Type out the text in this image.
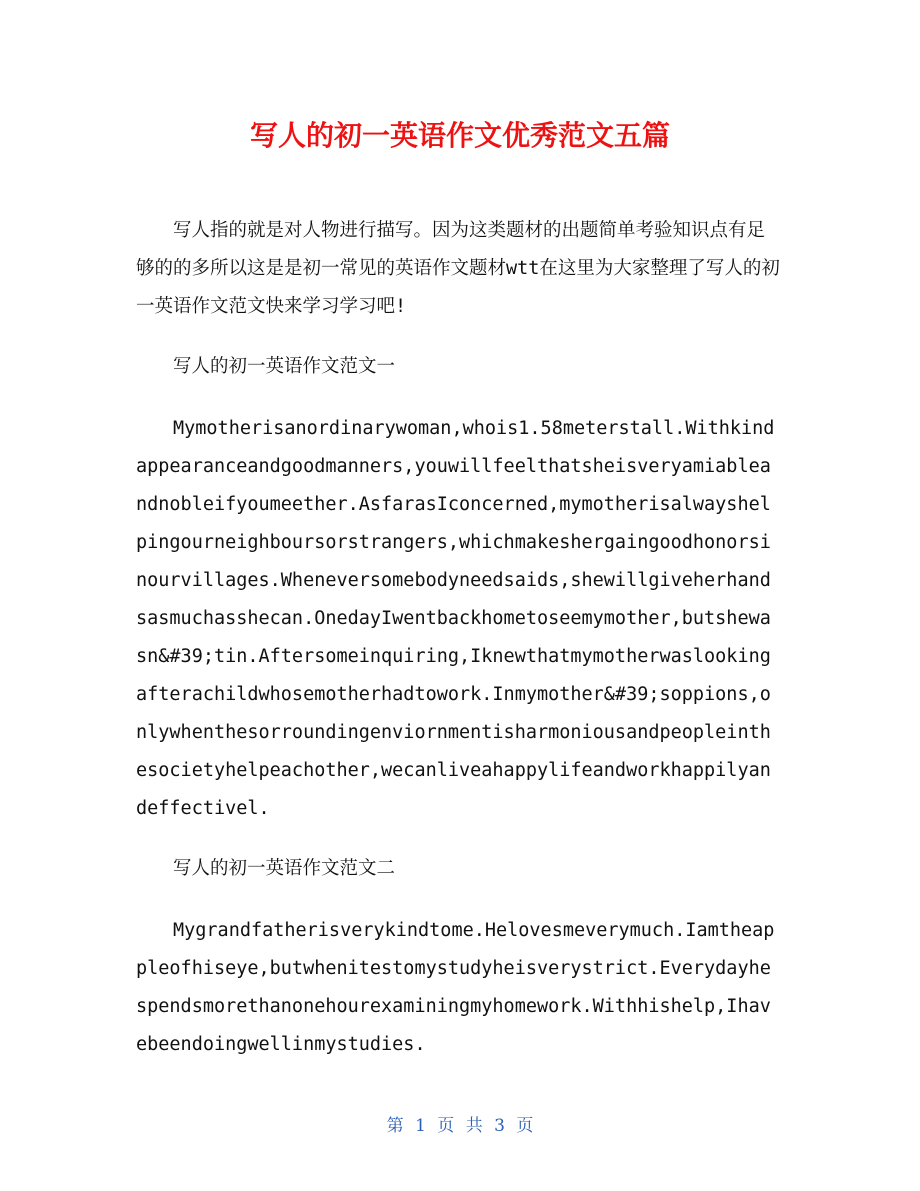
写人的初一英语作文优秀范文五篇

写人指的就是对人物进行描写。因为这类题材的出题简单考验知识点有足够的的多所以这是是初一常见的英语作文题材wtt在这里为大家整理了写人的初一英语作文范文快来学习学习吧!

写人的初一英语作文范文一

Mymotherisanordinarywoman,whois1.58meterstall.Withkindappearanceandgoodmanners,youwillfeelthatsheisveryamiableandnobleifyoumeether.AsfarasIconcerned,mymotherisalwayshelpingourneighboursorstrangers,whichmakeshergaingoodhonorsinourvillages.Wheneversomebodyneedsaids,shewillgiveherhandsasmuchasshecan.OnedayIwentbackhometoseemymother,butshewasn&#39;tin.Aftersomeinquiring,Iknewthatmymotherwaslookingafterachildwhosemotherhadtowork.Inmymother&#39;soppions,onlywhenthesorroundingenviornmentisharmoniousandpeopleinthesocietyhelpeachother,wecanliveahappylifeandworkhappilyandeffectivel.

写人的初一英语作文范文二

Mygrandfatherisverykindtome.Helovesmeverymuch.Iamtheappleofhiseye,butwhenitestomystudyheisverystrict.Everydayhespendsmorethanonehourexaminingmyhomework.Withhishelp,Ihavebeendoingwellinmystudies.

第 1 页 共 3 页
